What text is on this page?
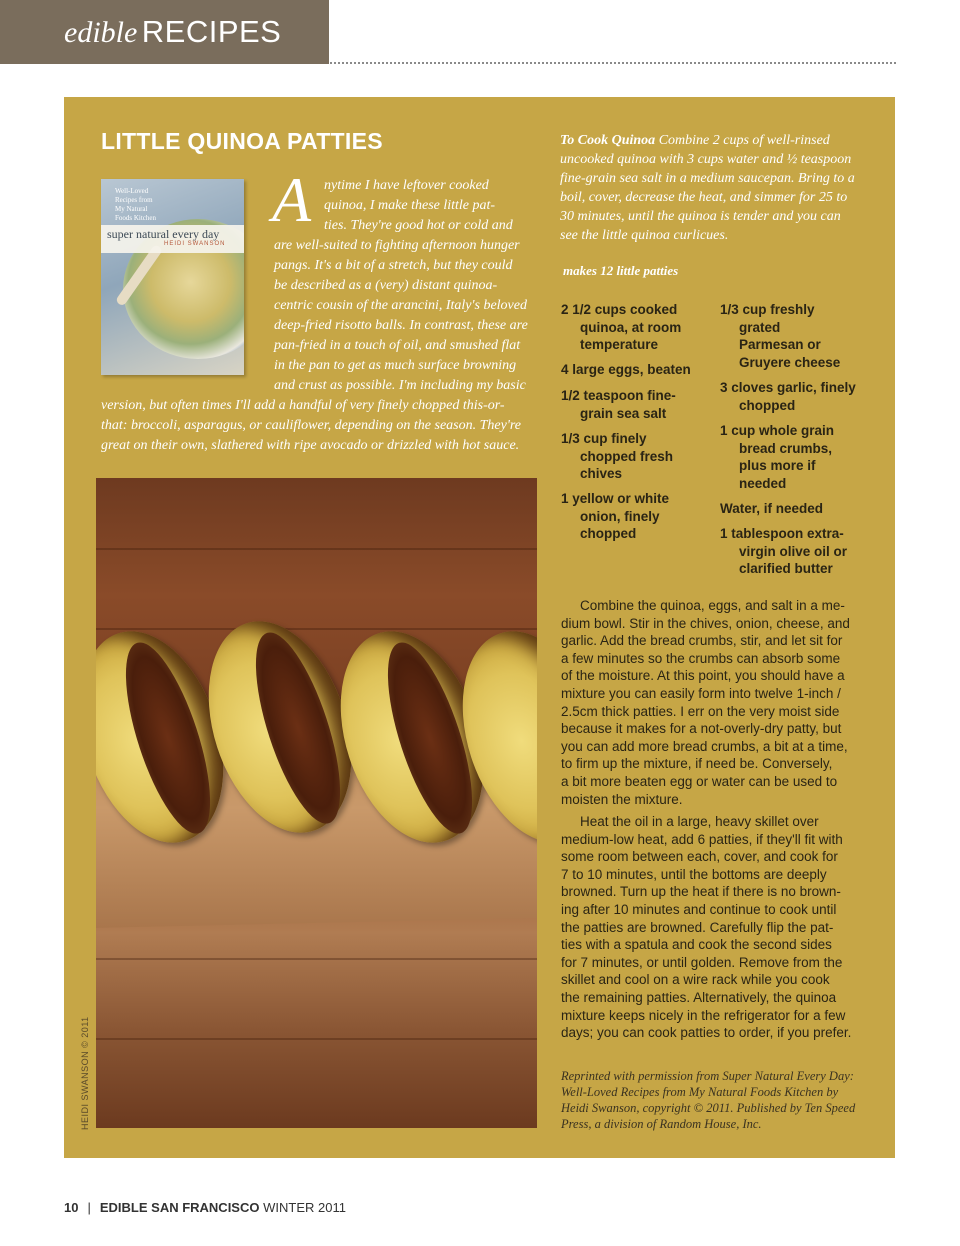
edible RECIPES
LITTLE QUINOA PATTIES
Well-Loved
Recipes from
My Natural
Foods Kitchen
super natural every day
HEIDI SWANSON
A nytime I have leftover cooked
quinoa, I make these little pat-
ties. They're good hot or cold and
are well-suited to fighting afternoon hunger
pangs. It's a bit of a stretch, but they could
be described as a (very) distant quinoa-
centric cousin of the arancini, Italy's beloved
deep-fried risotto balls. In contrast, these are
pan-fried in a touch of oil, and smushed flat
in the pan to get as much surface browning
and crust as possible. I'm including my basic
version, but often times I'll add a handful of very finely chopped this-or-
that: broccoli, asparagus, or cauliflower, depending on the season. They're
great on their own, slathered with ripe avocado or drizzled with hot sauce.
HEIDI SWANSON © 2011
To Cook Quinoa Combine 2 cups of well-rinsed
uncooked quinoa with 3 cups water and ½ teaspoon
fine-grain sea salt in a medium saucepan. Bring to a
boil, cover, decrease the heat, and simmer for 25 to
30 minutes, until the quinoa is tender and you can
see the little quinoa curlicues.
makes 12 little patties
2 1/2 cups cooked
quinoa, at room
temperature
4 large eggs, beaten
1/2 teaspoon fine-
grain sea salt
1/3 cup finely
chopped fresh
chives
1 yellow or white
onion, finely
chopped
1/3 cup freshly
grated
Parmesan or
Gruyere cheese
3 cloves garlic, finely
chopped
1 cup whole grain
bread crumbs,
plus more if
needed
Water, if needed
1 tablespoon extra-
virgin olive oil or
clarified butter
Combine the quinoa, eggs, and salt in a me-
dium bowl. Stir in the chives, onion, cheese, and
garlic. Add the bread crumbs, stir, and let sit for
a few minutes so the crumbs can absorb some
of the moisture. At this point, you should have a
mixture you can easily form into twelve 1-inch /
2.5cm thick patties. I err on the very moist side
because it makes for a not-overly-dry patty, but
you can add more bread crumbs, a bit at a time,
to firm up the mixture, if need be. Conversely,
a bit more beaten egg or water can be used to
moisten the mixture.
Heat the oil in a large, heavy skillet over
medium-low heat, add 6 patties, if they'll fit with
some room between each, cover, and cook for
7 to 10 minutes, until the bottoms are deeply
browned. Turn up the heat if there is no brown-
ing after 10 minutes and continue to cook until
the patties are browned. Carefully flip the pat-
ties with a spatula and cook the second sides
for 7 minutes, or until golden. Remove from the
skillet and cool on a wire rack while you cook
the remaining patties. Alternatively, the quinoa
mixture keeps nicely in the refrigerator for a few
days; you can cook patties to order, if you prefer.
Reprinted with permission from Super Natural Every Day:
Well-Loved Recipes from My Natural Foods Kitchen by
Heidi Swanson, copyright © 2011. Published by Ten Speed
Press, a division of Random House, Inc.
10 | EDIBLE SAN FRANCISCO WINTER 2011
